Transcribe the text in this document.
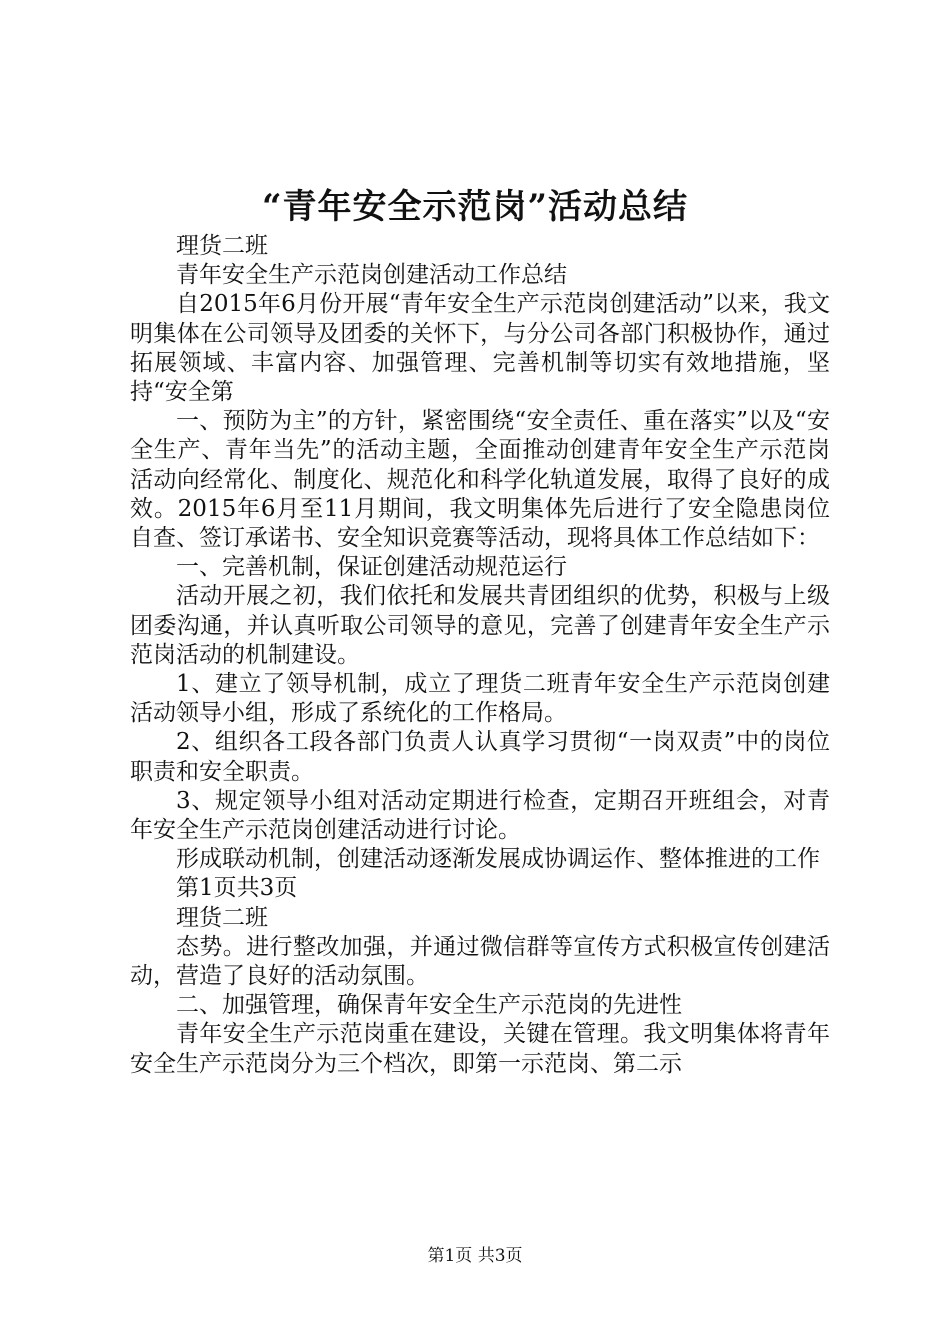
“青年安全示范岗”活动总结

理货二班

青年安全生产示范岗创建活动工作总结

自2015年6月份开展“青年安全生产示范岗创建活动”以来，我文明集体在公司领导及团委的关怀下，与分公司各部门积极协作，通过拓展领域、丰富内容、加强管理、完善机制等切实有效地措施，坚持“安全第

一、预防为主”的方针，紧密围绕“安全责任、重在落实”以及“安全生产、青年当先”的活动主题，全面推动创建青年安全生产示范岗活动向经常化、制度化、规范化和科学化轨道发展，取得了良好的成效。2015年6月至11月期间，我文明集体先后进行了安全隐患岗位自查、签订承诺书、安全知识竞赛等活动，现将具体工作总结如下：

一、完善机制，保证创建活动规范运行

活动开展之初，我们依托和发展共青团组织的优势，积极与上级团委沟通，并认真听取公司领导的意见，完善了创建青年安全生产示范岗活动的机制建设。

1、建立了领导机制，成立了理货二班青年安全生产示范岗创建活动领导小组，形成了系统化的工作格局。

2、组织各工段各部门负责人认真学习贯彻“一岗双责”中的岗位职责和安全职责。

3、规定领导小组对活动定期进行检查，定期召开班组会，对青年安全生产示范岗创建活动进行讨论。

形成联动机制，创建活动逐渐发展成协调运作、整体推进的工作

第1页共3页

理货二班

态势。进行整改加强，并通过微信群等宣传方式积极宣传创建活动，营造了良好的活动氛围。

二、加强管理，确保青年安全生产示范岗的先进性

青年安全生产示范岗重在建设，关键在管理。我文明集体将青年安全生产示范岗分为三个档次，即第一示范岗、第二示

第1页 共3页
